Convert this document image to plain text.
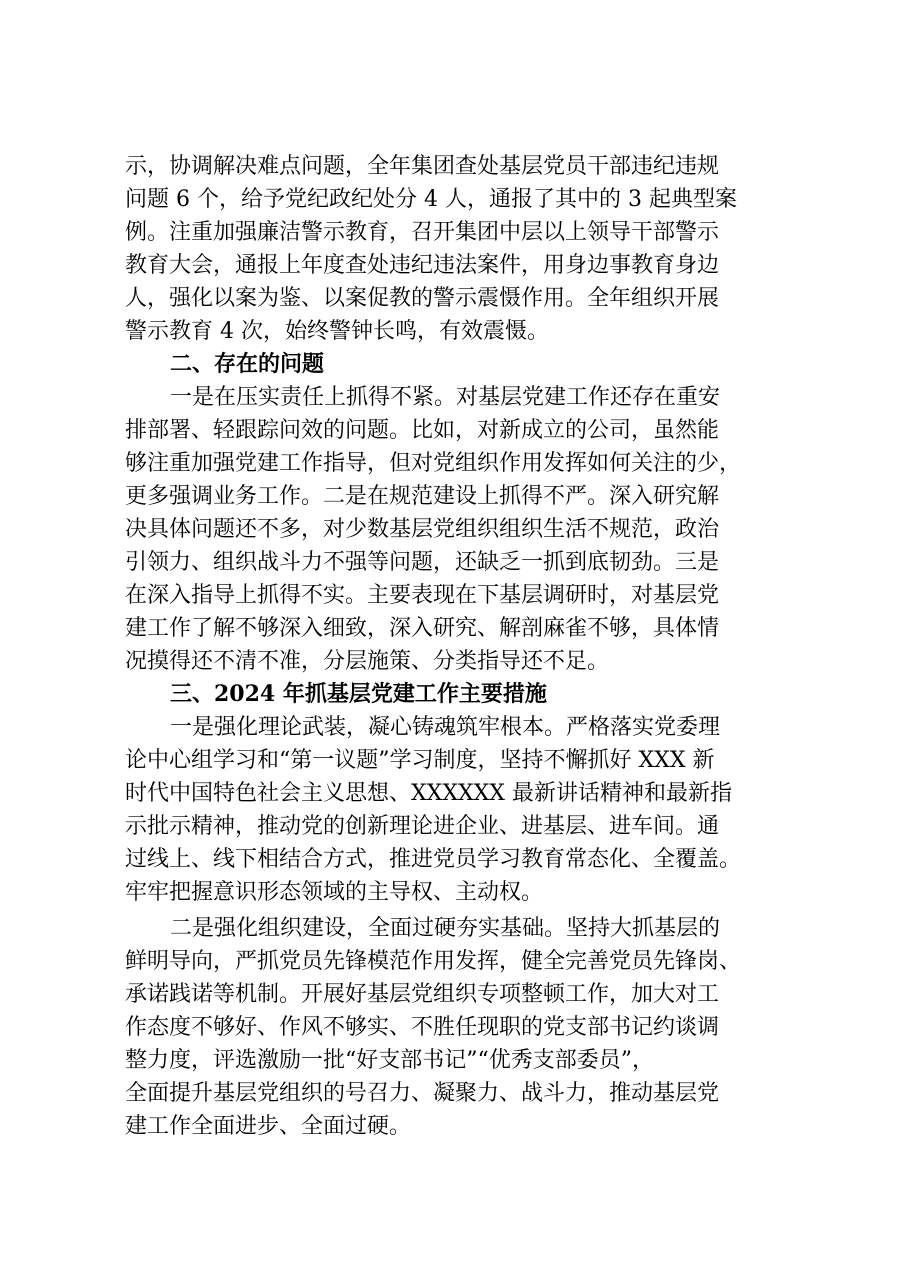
示，协调解决难点问题，全年集团查处基层党员干部违纪违规
问题 6 个，给予党纪政纪处分 4 人，通报了其中的 3 起典型案
例。注重加强廉洁警示教育，召开集团中层以上领导干部警示
教育大会，通报上年度查处违纪违法案件，用身边事教育身边
人，强化以案为鉴、以案促教的警示震慑作用。全年组织开展
警示教育 4 次，始终警钟长鸣，有效震慑。
二、存在的问题
一是在压实责任上抓得不紧。对基层党建工作还存在重安
排部署、轻跟踪问效的问题。比如，对新成立的公司，虽然能
够注重加强党建工作指导，但对党组织作用发挥如何关注的少，
更多强调业务工作。二是在规范建设上抓得不严。深入研究解
决具体问题还不多，对少数基层党组织组织生活不规范，政治
引领力、组织战斗力不强等问题，还缺乏一抓到底韧劲。三是
在深入指导上抓得不实。主要表现在下基层调研时，对基层党
建工作了解不够深入细致，深入研究、解剖麻雀不够，具体情
况摸得还不清不准，分层施策、分类指导还不足。
三、2024 年抓基层党建工作主要措施
一是强化理论武装，凝心铸魂筑牢根本。严格落实党委理
论中心组学习和“第一议题”学习制度，坚持不懈抓好 XXX 新
时代中国特色社会主义思想、XXXXXX 最新讲话精神和最新指
示批示精神，推动党的创新理论进企业、进基层、进车间。通
过线上、线下相结合方式，推进党员学习教育常态化、全覆盖。
牢牢把握意识形态领域的主导权、主动权。
二是强化组织建设，全面过硬夯实基础。坚持大抓基层的
鲜明导向，严抓党员先锋模范作用发挥，健全完善党员先锋岗、
承诺践诺等机制。开展好基层党组织专项整顿工作，加大对工
作态度不够好、作风不够实、不胜任现职的党支部书记约谈调
整力度，评选激励一批“好支部书记”“优秀支部委员”，
全面提升基层党组织的号召力、凝聚力、战斗力，推动基层党
建工作全面进步、全面过硬。
